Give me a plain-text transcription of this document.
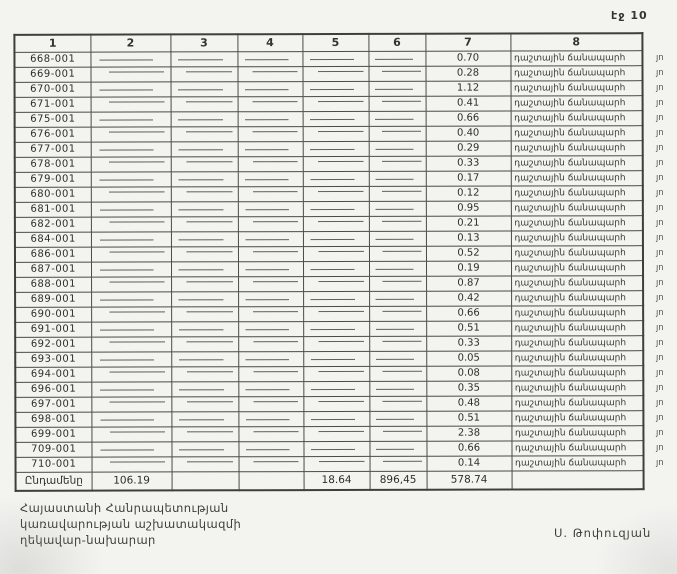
էջ 10
1	2	3	4	5	6	7	8
668-001						0.70	դաշտային ճանապարհ
669-001						0.28	դաշտային ճանապարհ
670-001						1.12	դաշտային ճանապարհ
671-001						0.41	դաշտային ճանապարհ
675-001						0.66	դաշտային ճանապարհ
676-001						0.40	դաշտային ճանապարհ
677-001						0.29	դաշտային ճանապարհ
678-001						0.33	դաշտային ճանապարհ
679-001						0.17	դաշտային ճանապարհ
680-001						0.12	դաշտային ճանապարհ
681-001						0.95	դաշտային ճանապարհ
682-001						0.21	դաշտային ճանապարհ
684-001						0.13	դաշտային ճանապարհ
686-001						0.52	դաշտային ճանապարհ
687-001						0.19	դաշտային ճանապարհ
688-001						0.87	դաշտային ճանապարհ
689-001						0.42	դաշտային ճանապարհ
690-001						0.66	դաշտային ճանապարհ
691-001						0.51	դաշտային ճանապարհ
692-001						0.33	դաշտային ճանապարհ
693-001						0.05	դաշտային ճանապարհ
694-001						0.08	դաշտային ճանապարհ
696-001						0.35	դաշտային ճանապարհ
697-001						0.48	դաշտային ճանապարհ
698-001						0.51	դաշտային ճանապարհ
699-001						2.38	դաշտային ճանապարհ
709-001						0.66	դաշտային ճանապարհ
710-001						0.14	դաշտային ճանապարհ
Ընդամենը	106.19			18.64	896,45	578.74	
յո
յո
յո
յո
յո
յո
յո
յո
յո
յո
յո
յո
յո
յո
յո
յո
յո
յո
յո
յո
յո
յո
յո
յո
յո
յո
յո
յո
Հայաստանի Հանրապետության
կառավարության աշխատակազմի
ղեկավար-նախարար	Ս. Թոփուզյան
